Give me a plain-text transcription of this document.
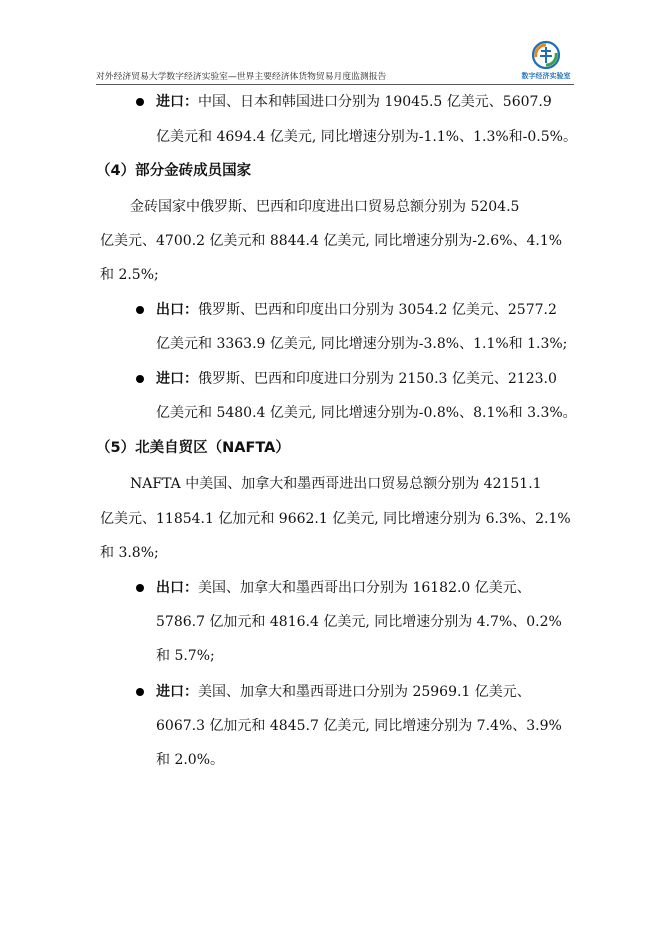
对外经济贸易大学数字经济实验室—世界主要经济体货物贸易月度监测报告	数字经济实验室
进口：中国、日本和韩国进口分别为 19045.5 亿美元、5607.9
亿美元和 4694.4 亿美元, 同比增速分别为-1.1%、1.3%和-0.5%。
（4）部分金砖成员国家
金砖国家中俄罗斯、巴西和印度进出口贸易总额分别为 5204.5
亿美元、4700.2 亿美元和 8844.4 亿美元, 同比增速分别为-2.6%、4.1%
和 2.5%;
出口：俄罗斯、巴西和印度出口分别为 3054.2 亿美元、2577.2
亿美元和 3363.9 亿美元, 同比增速分别为-3.8%、1.1%和 1.3%;
进口：俄罗斯、巴西和印度进口分别为 2150.3 亿美元、2123.0
亿美元和 5480.4 亿美元, 同比增速分别为-0.8%、8.1%和 3.3%。
（5）北美自贸区（NAFTA）
NAFTA 中美国、加拿大和墨西哥进出口贸易总额分别为 42151.1
亿美元、11854.1 亿加元和 9662.1 亿美元, 同比增速分别为 6.3%、2.1%
和 3.8%;
出口：美国、加拿大和墨西哥出口分别为 16182.0 亿美元、
5786.7 亿加元和 4816.4 亿美元, 同比增速分别为 4.7%、0.2%
和 5.7%;
进口：美国、加拿大和墨西哥进口分别为 25969.1 亿美元、
6067.3 亿加元和 4845.7 亿美元, 同比增速分别为 7.4%、3.9%
和 2.0%。
